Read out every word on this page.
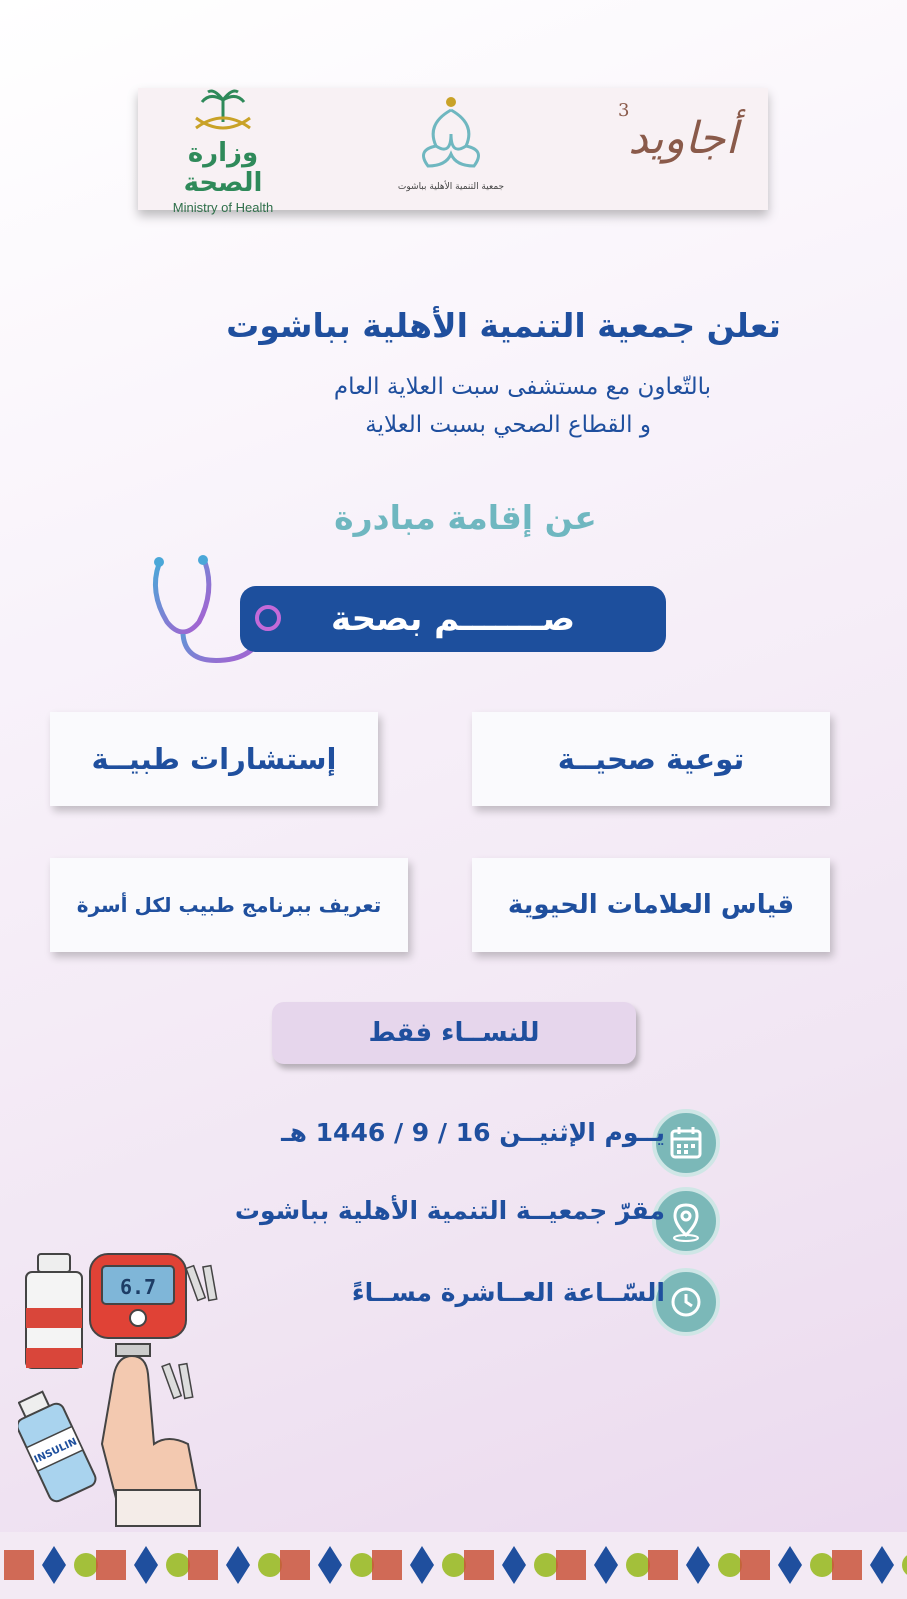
وزارة الصحة
Ministry of Health
جمعية التنمية الأهلية بباشوت
3
أجاويد
تعلن جمعية التنمية الأهلية بباشوت
بالتّعاون مع مستشفى سبت العلاية العام
و القطاع الصحي بسبت العلاية
عن إقامة مبادرة
صـــــــم بصحة
توعية صحيــة
إستشارات طبيــة
قياس العلامات الحيوية
تعريف ببرنامج طبيب لكل أسرة
للنســاء فقط
يــوم الإثنيــن 16 / 9 / 1446 هـ
مقرّ جمعيــة التنمية الأهلية بباشوت
السّــاعة العــاشرة مســاءً
6.7
INSULIN
